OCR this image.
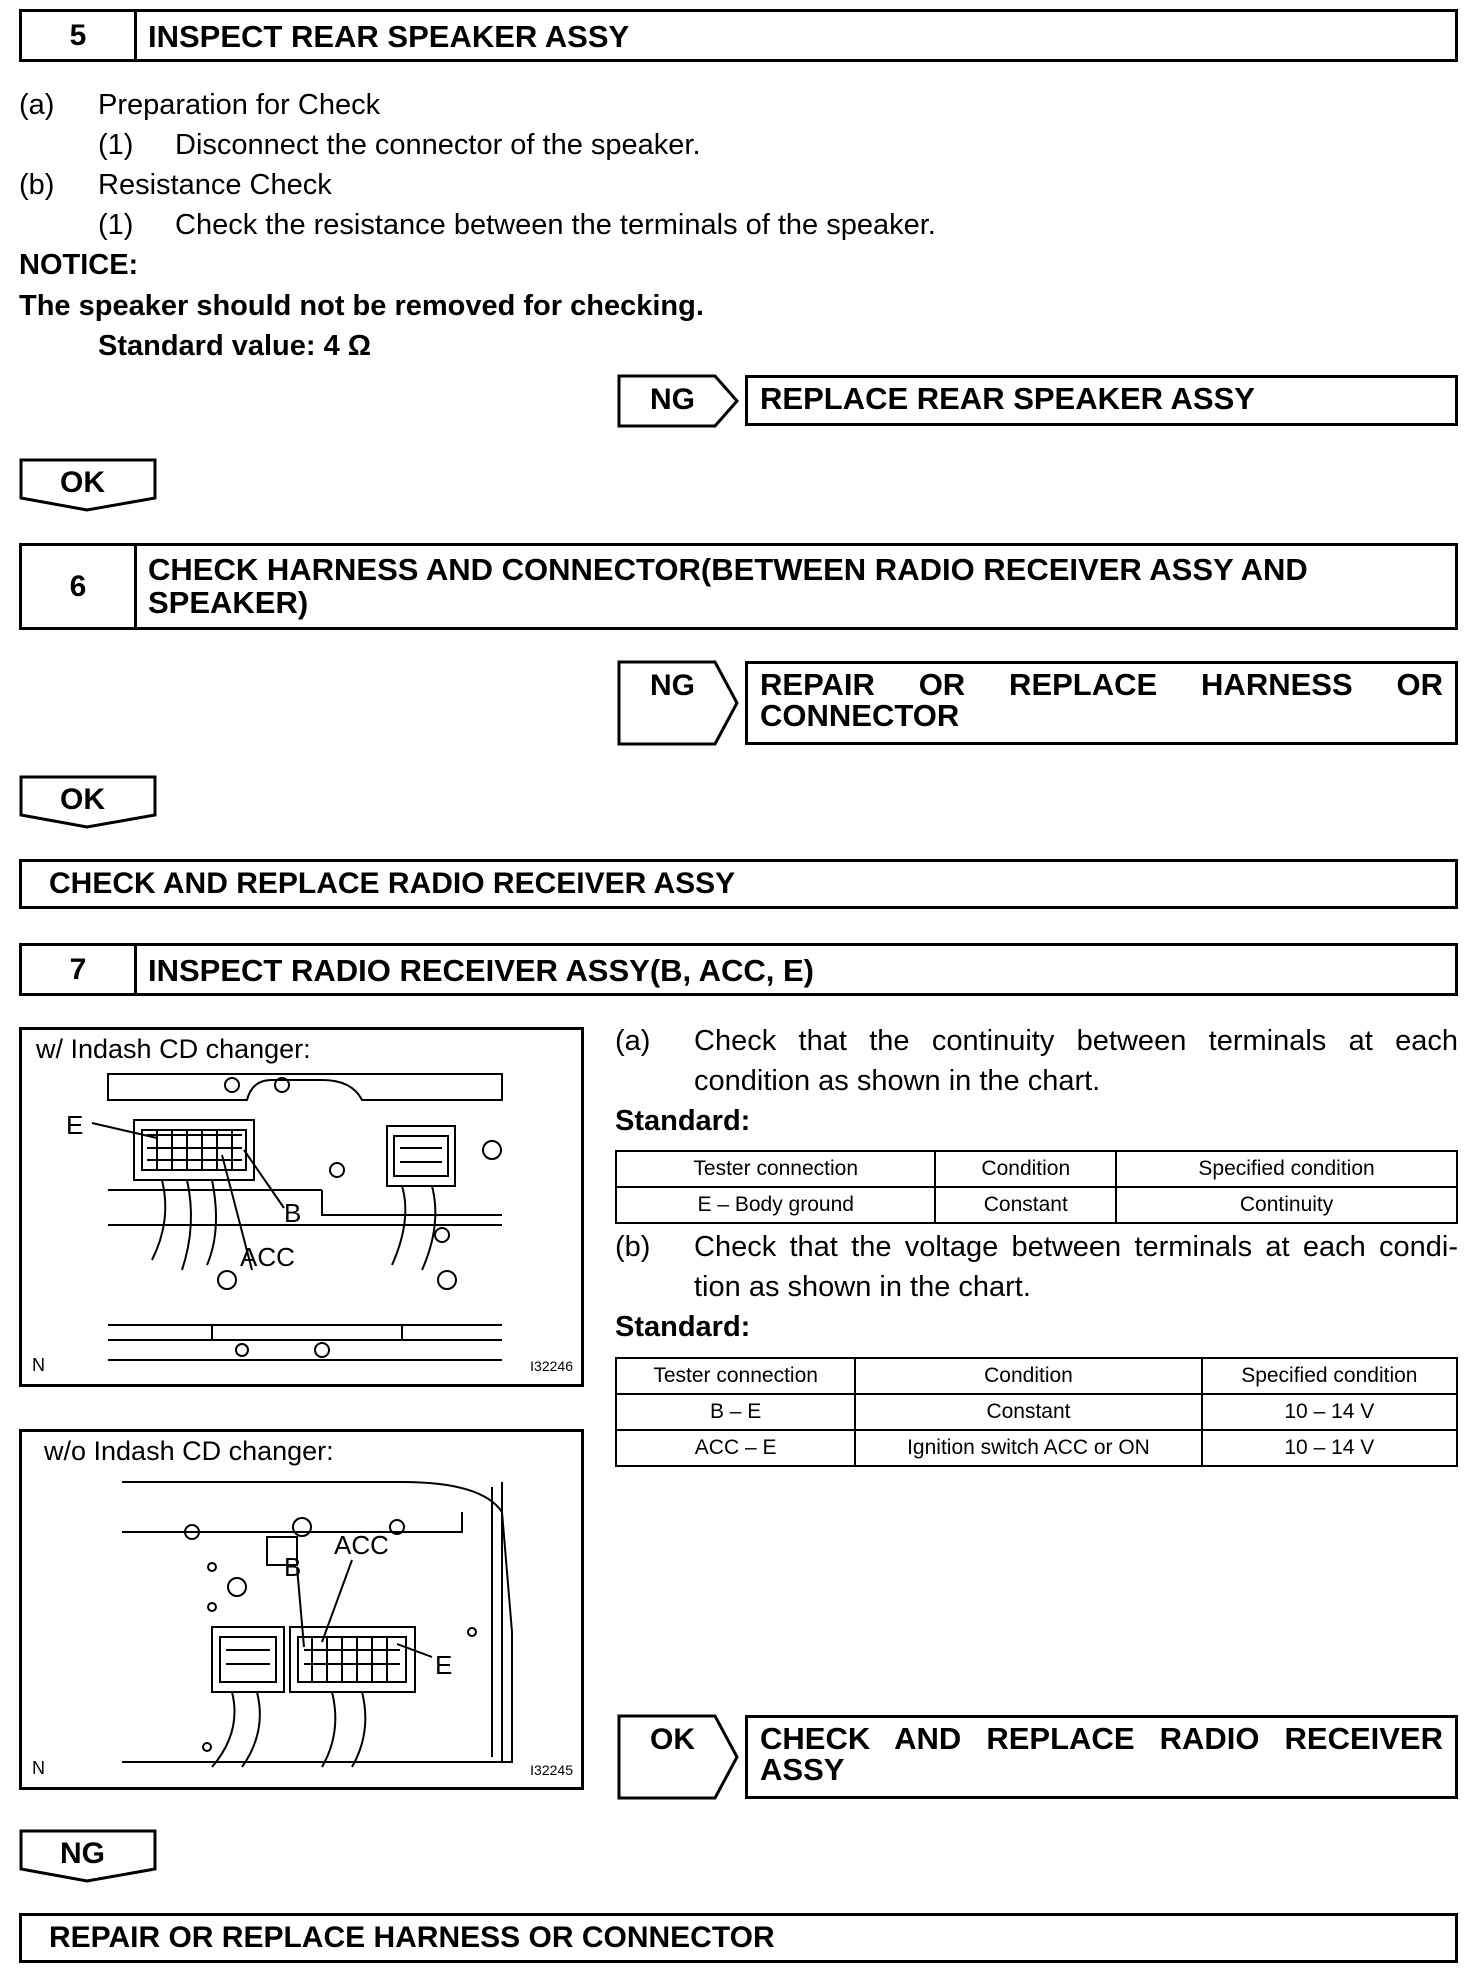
5	INSPECT REAR SPEAKER ASSY
(a) Preparation for Check
(1) Disconnect the connector of the speaker.
(b) Resistance Check
(1) Check the resistance between the terminals of the speaker.
NOTICE:
The speaker should not be removed for checking.
Standard value: 4 Ω
NG	REPLACE REAR SPEAKER ASSY
OK
6	CHECK HARNESS AND CONNECTOR(BETWEEN RADIO RECEIVER ASSY AND
SPEAKER)
NG REPAIR OR REPLACE HARNESS OR
CONNECTOR
OK
CHECK AND REPLACE RADIO RECEIVER ASSY
7	INSPECT RADIO RECEIVER ASSY(B, ACC, E)
w/ Indash CD changer:
E
B
ACC
N	I32246
w/o Indash CD changer:
B
ACC
E
N	I32245
(a) Check that the continuity between terminals at each
condition as shown in the chart.
Standard:
Tester connection	Condition	Specified condition
E – Body ground	Constant	Continuity
(b) Check that the voltage between terminals at each condi-
tion as shown in the chart.
Standard:
Tester connection	Condition	Specified condition
B – E	Constant	10 – 14 V
ACC – E	Ignition switch ACC or ON	10 – 14 V
OK CHECK AND REPLACE RADIO RECEIVER
ASSY
NG
REPAIR OR REPLACE HARNESS OR CONNECTOR
